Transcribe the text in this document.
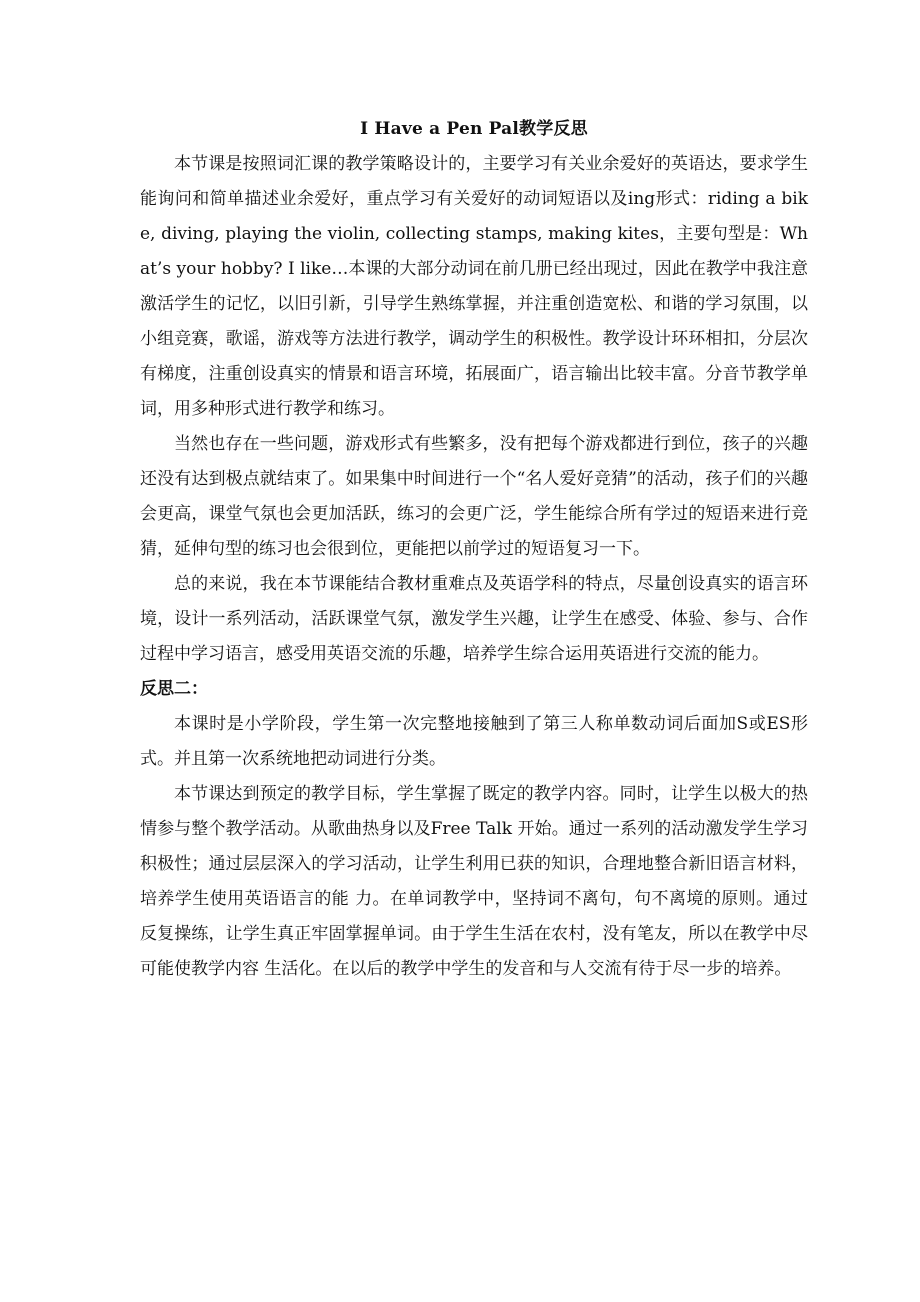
I Have a Pen Pal教学反思

本节课是按照词汇课的教学策略设计的，主要学习有关业余爱好的英语达，要求学生能询问和简单描述业余爱好，重点学习有关爱好的动词短语以及ing形式：riding a bike, diving, playing the violin, collecting stamps, making kites，主要句型是：What’s your hobby? I like…本课的大部分动词在前几册已经出现过，因此在教学中我注意激活学生的记忆，以旧引新，引导学生熟练掌握，并注重创造宽松、和谐的学习氛围，以小组竞赛，歌谣，游戏等方法进行教学，调动学生的积极性。教学设计环环相扣，分层次有梯度，注重创设真实的情景和语言环境，拓展面广，语言输出比较丰富。分音节教学单词，用多种形式进行教学和练习。

当然也存在一些问题，游戏形式有些繁多，没有把每个游戏都进行到位，孩子的兴趣还没有达到极点就结束了。如果集中时间进行一个“名人爱好竞猜”的活动，孩子们的兴趣会更高，课堂气氛也会更加活跃，练习的会更广泛，学生能综合所有学过的短语来进行竞猜，延伸句型的练习也会很到位，更能把以前学过的短语复习一下。

总的来说，我在本节课能结合教材重难点及英语学科的特点，尽量创设真实的语言环境，设计一系列活动，活跃课堂气氛，激发学生兴趣，让学生在感受、体验、参与、合作过程中学习语言，感受用英语交流的乐趣，培养学生综合运用英语进行交流的能力。

反思二：

本课时是小学阶段，学生第一次完整地接触到了第三人称单数动词后面加S或ES形式。并且第一次系统地把动词进行分类。

本节课达到预定的教学目标，学生掌握了既定的教学内容。同时，让学生以极大的热情参与整个教学活动。从歌曲热身以及Free Talk 开始。通过一系列的活动激发学生学习积极性；通过层层深入的学习活动，让学生利用已获的知识，合理地整合新旧语言材料，培养学生使用英语语言的能 力。在单词教学中，坚持词不离句，句不离境的原则。通过反复操练，让学生真正牢固掌握单词。由于学生生活在农村，没有笔友，所以在教学中尽可能使教学内容 生活化。在以后的教学中学生的发音和与人交流有待于尽一步的培养。
